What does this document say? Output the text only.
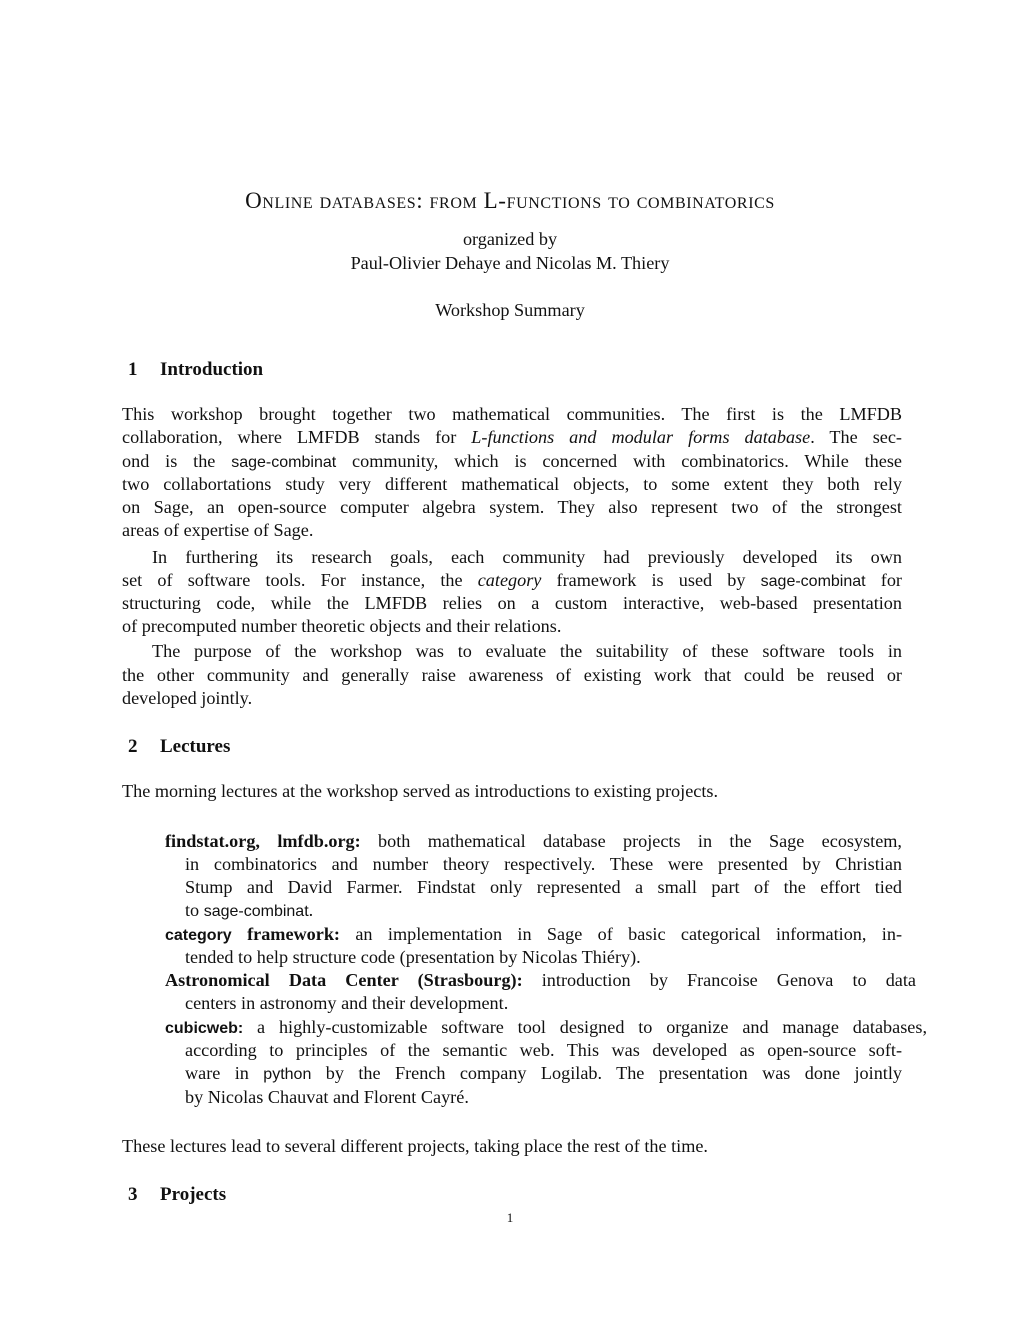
Online databases: from L-functions to combinatorics
organized by
Paul-Olivier Dehaye and Nicolas M. Thiery
Workshop Summary
1 Introduction
2 Lectures
3 Projects
This workshop brought together two mathematical communities. The first is the LMFDB
collaboration, where LMFDB stands for L-functions and modular forms database. The sec-
ond is the sage-combinat community, which is concerned with combinatorics. While these
two collabortations study very different mathematical objects, to some extent they both rely
on Sage, an open-source computer algebra system. They also represent two of the strongest
areas of expertise of Sage.
In furthering its research goals, each community had previously developed its own
set of software tools. For instance, the category framework is used by sage-combinat for
structuring code, while the LMFDB relies on a custom interactive, web-based presentation
of precomputed number theoretic objects and their relations.
The purpose of the workshop was to evaluate the suitability of these software tools in
the other community and generally raise awareness of existing work that could be reused or
developed jointly.
The morning lectures at the workshop served as introductions to existing projects.
findstat.org, lmfdb.org: both mathematical database projects in the Sage ecosystem,
in combinatorics and number theory respectively. These were presented by Christian
Stump and David Farmer. Findstat only represented a small part of the effort tied
to sage-combinat.
category framework: an implementation in Sage of basic categorical information, in-
tended to help structure code (presentation by Nicolas Thiéry).
Astronomical Data Center (Strasbourg): introduction by Francoise Genova to data
centers in astronomy and their development.
cubicweb: a highly-customizable software tool designed to organize and manage databases,
according to principles of the semantic web. This was developed as open-source soft-
ware in python by the French company Logilab. The presentation was done jointly
by Nicolas Chauvat and Florent Cayré.
These lectures lead to several different projects, taking place the rest of the time.
1
